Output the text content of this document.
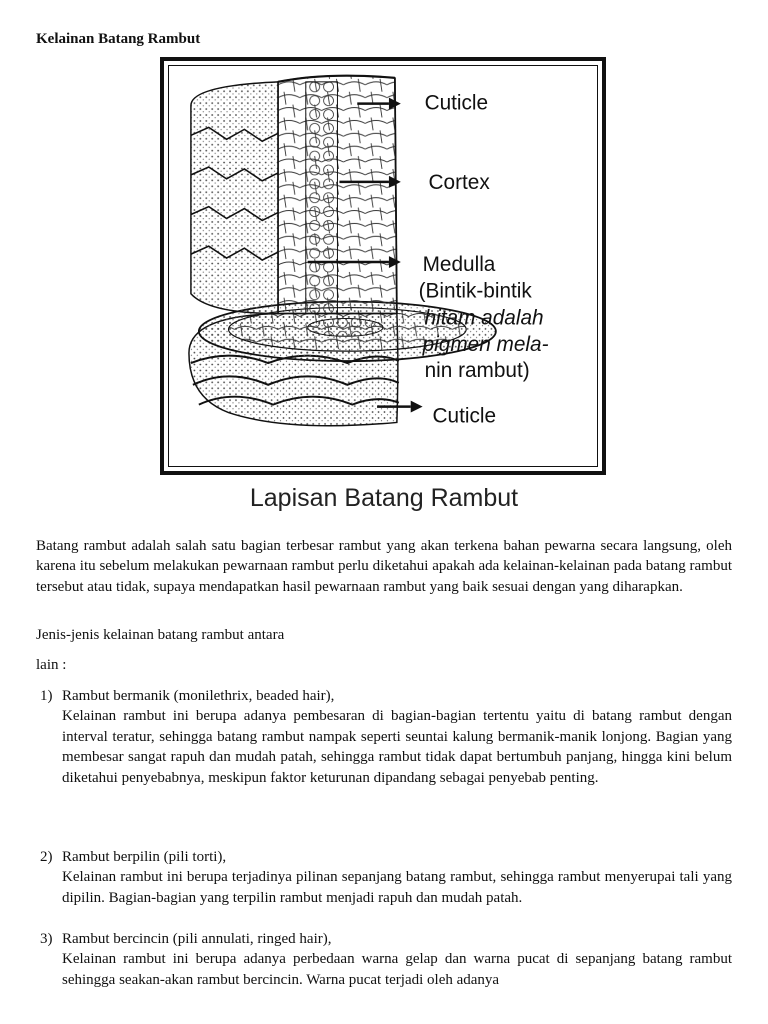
Kelainan Batang Rambut
Cuticle
Cortex
Medulla
(Bintik-bintik
hitam adalah
pigmen mela-
nin rambut)
Cuticle
Lapisan Batang Rambut
Batang rambut adalah salah satu bagian terbesar rambut yang akan terkena bahan pewarna secara langsung, oleh karena itu sebelum melakukan pewarnaan rambut perlu diketahui apakah ada kelainan-kelainan pada batang rambut tersebut atau tidak, supaya mendapatkan hasil pewarnaan rambut yang baik sesuai dengan yang diharapkan.
Jenis-jenis kelainan batang rambut antara
lain :
1) Rambut bermanik (monilethrix, beaded hair),
Kelainan rambut ini berupa adanya pembesaran di bagian-bagian tertentu yaitu di batang rambut dengan interval teratur, sehingga batang rambut nampak seperti seuntai kalung bermanik-manik lonjong. Bagian yang membesar sangat rapuh dan mudah patah, sehingga rambut tidak dapat bertumbuh panjang, hingga kini belum diketahui penyebabnya, meskipun faktor keturunan dipandang sebagai penyebab penting.
2) Rambut berpilin (pili torti),
Kelainan rambut ini berupa terjadinya pilinan sepanjang batang rambut, sehingga rambut menyerupai tali yang dipilin. Bagian-bagian yang terpilin rambut menjadi rapuh dan mudah patah.
3) Rambut bercincin (pili annulati, ringed hair),
Kelainan rambut ini berupa adanya perbedaan warna gelap dan warna pucat di sepanjang batang rambut sehingga seakan-akan rambut bercincin. Warna pucat terjadi oleh adanya
